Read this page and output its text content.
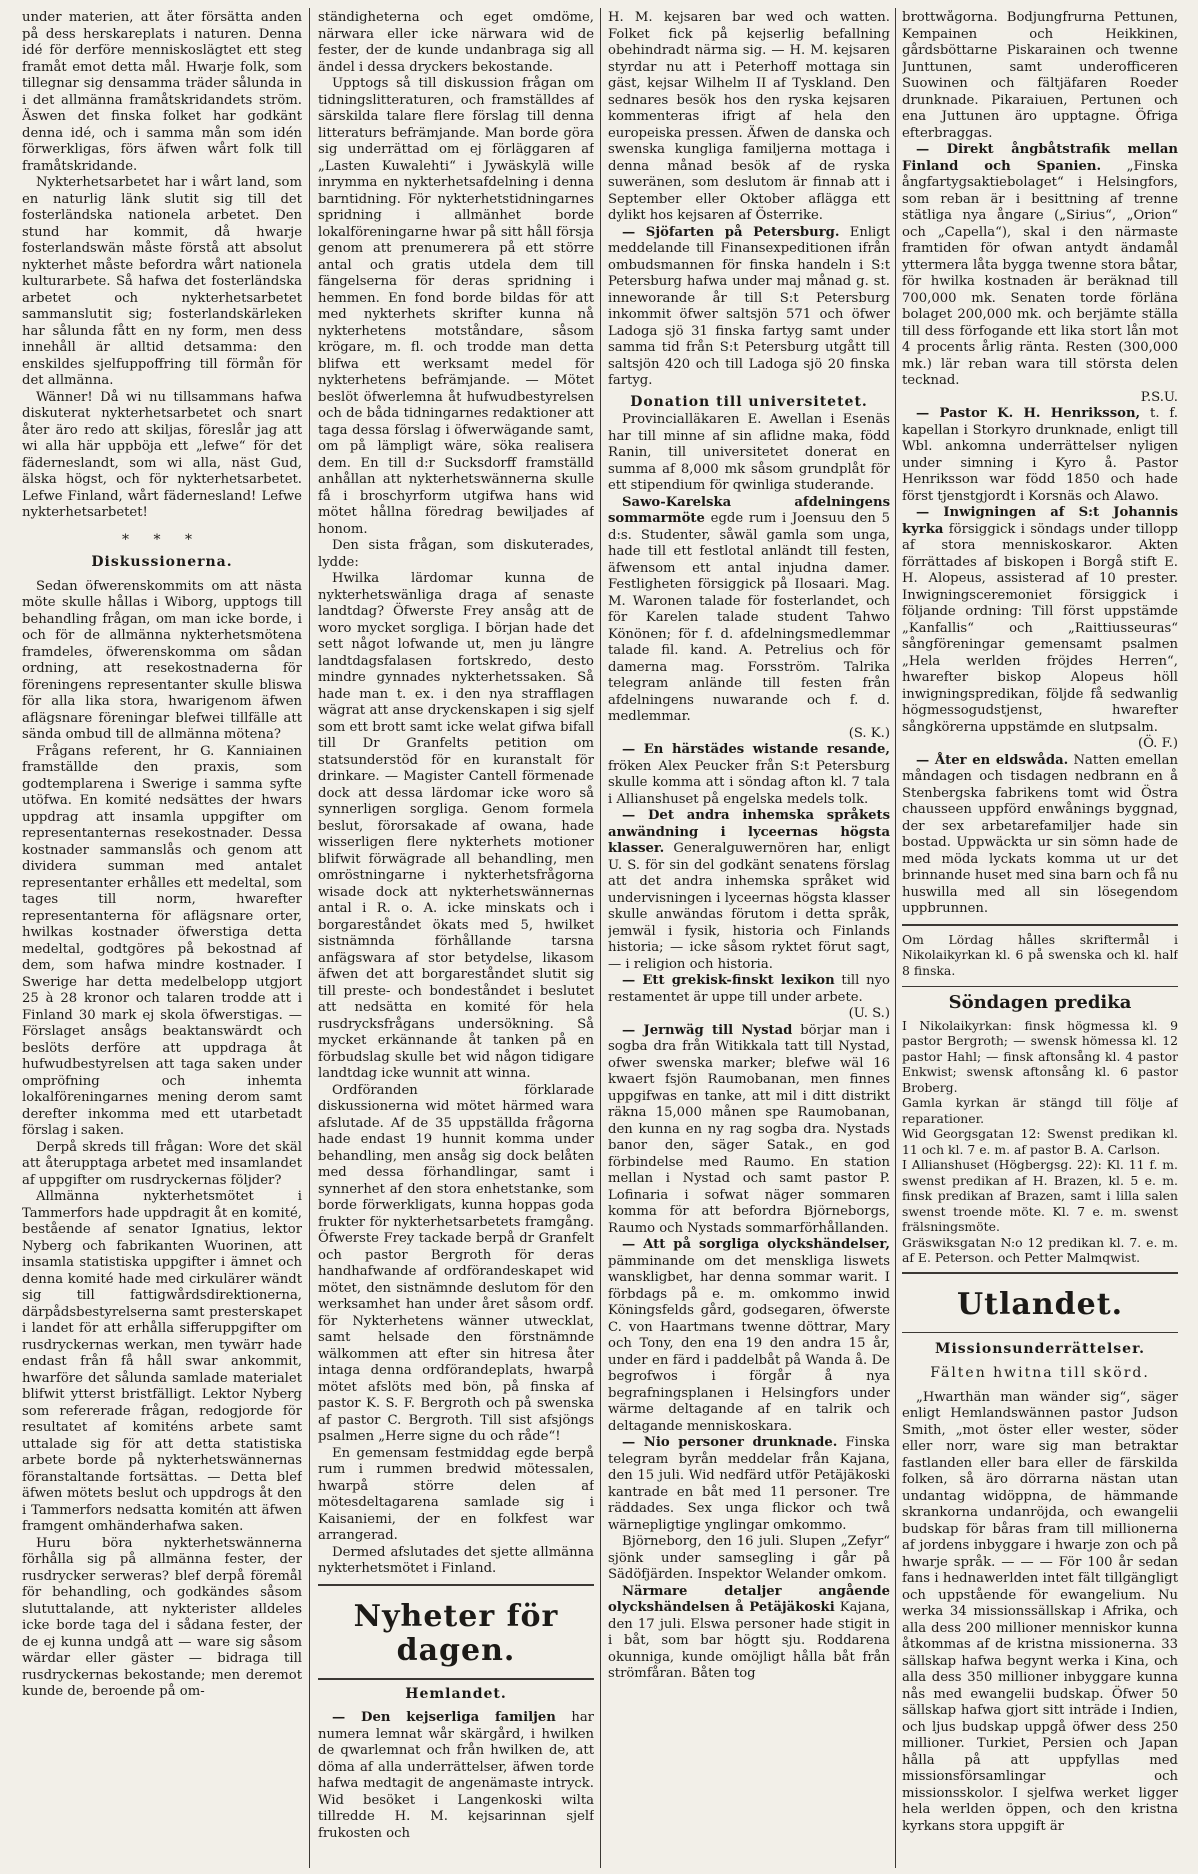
under materien, att åter försätta anden på dess herskareplats i naturen. Denna idé för derföre menniskoslägtet ett steg framåt emot detta mål. Hwarje folk, som tillegnar sig densamma träder sålunda in i det allmänna framåtskridandets ström. Äswen det finska folket har godkänt denna idé, och i samma mån som idén förwerkligas, förs äfwen wårt folk till framåtskridande.

Nykterhetsarbetet har i wårt land, som en naturlig länk slutit sig till det fosterländska nationela arbetet. Den stund har kommit, då hwarje fosterlandswän måste förstå att absolut nykterhet måste befordra wårt nationela kulturarbete. Så hafwa det fosterländska arbetet och nykterhetsarbetet sammanslutit sig; fosterlandskärleken har sålunda fått en ny form, men dess innehåll är alltid detsamma: den enskildes sjelfuppoffring till förmån för det allmänna.

Wänner! Då wi nu tillsammans hafwa diskuterat nykterhetsarbetet och snart åter äro redo att skiljas, föreslår jag att wi alla här uppböja ett „lefwe“ för det fäderneslandt, som wi alla, näst Gud, älska högst, och för nykterhetsarbetet. Lefwe Finland, wårt fädernesland! Lefwe nykterhetsarbetet!

* * *
Diskussionerna.

Sedan öfwerenskommits om att nästa möte skulle hållas i Wiborg, upptogs till behandling frågan, om man icke borde, i och för de allmänna nykterhetsmötena framdeles, öfwerenskomma om sådan ordning, att resekostnaderna för föreningens representanter skulle bliswa för alla lika stora, hwarigenom äfwen aflägsnare föreningar blefwei tillfälle att sända ombud till de allmänna mötena?

Frågans referent, hr G. Kanniainen framställde den praxis, som godtemplarena i Swerige i samma syfte utöfwa. En komité nedsättes der hwars uppdrag att insamla uppgifter om representanternas resekostnader. Dessa kostnader sammanslås och genom att dividera summan med antalet representanter erhålles ett medeltal, som tages till norm, hwarefter representanterna för aflägsnare orter, hwilkas kostnader öfwerstiga detta medeltal, godtgöres på bekostnad af dem, som hafwa mindre kostnader. I Swerige har detta medelbelopp utgjort 25 à 28 kronor och talaren trodde att i Finland 30 mark ej skola öfwerstigas. — Förslaget ansågs beaktanswärdt och beslöts derföre att uppdraga åt hufwudbestyrelsen att taga saken under ompröfning och inhemta lokalföreningarnes mening derom samt derefter inkomma med ett utarbetadt förslag i saken.

Derpå skreds till frågan: Wore det skäl att återupptaga arbetet med insamlandet af uppgifter om rusdryckernas följder?

Allmänna nykterhetsmötet i Tammerfors hade uppdragit åt en komité, bestående af senator Ignatius, lektor Nyberg och fabrikanten Wuorinen, att insamla statistiska uppgifter i ämnet och denna komité hade med cirkulärer wändt sig till fattigwårdsdirektionerna, därpådsbestyrelserna samt presterskapet i landet för att erhålla sifferuppgifter om rusdryckernas werkan, men tywärr hade endast från få håll swar ankommit, hwarföre det sålunda samlade materialet blifwit ytterst bristfälligt. Lektor Nyberg som refererade frågan, redogjorde för resultatet af komiténs arbete samt uttalade sig för att detta statistiska arbete borde på nykterhetswännernas föranstaltande fortsättas. — Detta blef äfwen mötets beslut och uppdrogs åt den i Tammerfors nedsatta komitén att äfwen framgent omhänderhafwa saken.

Huru böra nykterhetswännerna förhålla sig på allmänna fester, der rusdrycker serweras? blef derpå föremål för behandling, och godkändes såsom slututtalande, att nykterister alldeles icke borde taga del i sådana fester, der de ej kunna undgå att — ware sig såsom wärdar eller gäster — bidraga till rusdryckernas bekostande; men deremot kunde de, beroende på om-

ständigheterna och eget omdöme, närwara eller icke närwara wid de fester, der de kunde undanbraga sig all ändel i dessa dryckers bekostande.

Upptogs så till diskussion frågan om tidningslitteraturen, och framställdes af särskilda talare flere förslag till denna litteraturs befrämjande. Man borde göra sig underrättad om ej förläggaren af „Lasten Kuwalehti“ i Jywäskylä wille inrymma en nykterhetsafdelning i denna barntidning. För nykterhetstidningarnes spridning i allmänhet borde lokalföreningarne hwar på sitt håll försja genom att prenumerera på ett större antal och gratis utdela dem till fängelserna för deras spridning i hemmen. En fond borde bildas för att med nykterhets skrifter kunna nå nykterhetens motståndare, såsom krögare, m. fl. och trodde man detta blifwa ett werksamt medel för nykterhetens befrämjande. — Mötet beslöt öfwerlemna åt hufwudbestyrelsen och de båda tidningarnes redaktioner att taga dessa förslag i öfwerwägande samt, om på lämpligt wäre, söka realisera dem. En till d:r Sucksdorff framställd anhållan att nykterhetswännerna skulle få i broschyrform utgifwa hans wid mötet hållna föredrag bewiljades af honom.

Den sista frågan, som diskuterades, lydde:

Hwilka lärdomar kunna de nykterhetswänliga draga af senaste landtdag? Öfwerste Frey ansåg att de woro mycket sorgliga. I början hade det sett något lofwande ut, men ju längre landtdagsfalasen fortskredo, desto mindre gynnades nykterhetssaken. Så hade man t. ex. i den nya strafflagen wägrat att anse dryckenskapen i sig sjelf som ett brott samt icke welat gifwa bifall till Dr Granfelts petition om statsunderstöd för en kuranstalt för drinkare. — Magister Cantell förmenade dock att dessa lärdomar icke woro så synnerligen sorgliga. Genom formela beslut, förorsakade af owana, hade wisserligen flere nykterhets motioner blifwit förwägrade all behandling, men omröstningarne i nykterhetsfrågorna wisade dock att nykterhetswännernas antal i R. o. A. icke minskats och i borgareståndet ökats med 5, hwilket sistnämnda förhållande tarsna anfägswara af stor betydelse, likasom äfwen det att borgareståndet slutit sig till preste- och bondeståndet i beslutet att nedsätta en komité för hela rusdrycksfrågans undersökning. Så mycket erkännande åt tanken på en förbudslag skulle bet wid någon tidigare landtdag icke wunnit att winna.

Ordföranden förklarade diskussionerna wid mötet härmed wara afslutade. Af de 35 uppställda frågorna hade endast 19 hunnit komma under behandling, men ansåg sig dock belåten med dessa förhandlingar, samt i synnerhet af den stora enhetstanke, som borde förwerkligats, kunna hoppas goda frukter för nykterhetsarbetets framgång. Öfwerste Frey tackade berpå dr Granfelt och pastor Bergroth för deras handhafwande af ordförandeskapet wid mötet, den sistnämnde deslutom för den werksamhet han under året såsom ordf. för Nykterhetens wänner utwecklat, samt helsade den förstnämnde wälkommen att efter sin hitresa åter intaga denna ordförandeplats, hwarpå mötet afslöts med bön, på finska af pastor K. S. F. Bergroth och på swenska af pastor C. Bergroth. Till sist afsjöngs psalmen „Herre signe du och råde“!

En gemensam festmiddag egde berpå rum i rummen bredwid mötessalen, hwarpå större delen af mötesdeltagarena samlade sig i Kaisaniemi, der en folkfest war arrangerad.

Dermed afslutades det sjette allmänna nykterhetsmötet i Finland.

Nyheter för dagen.
Hemlandet.

— Den kejserliga familjen har numera lemnat wår skärgård, i hwilken de qwarlemnat och från hwilken de, att döma af alla underrättelser, äfwen torde hafwa medtagit de angenämaste intryck. Wid besöket i Langenkoski wilta tillredde H. M. kejsarinnan sjelf frukosten och

H. M. kejsaren bar wed och watten. Folket fick på kejserlig befallning obehindradt närma sig. — H. M. kejsaren styrdar nu att i Peterhoff mottaga sin gäst, kejsar Wilhelm II af Tyskland. Den sednares besök hos den ryska kejsaren kommenteras ifrigt af hela den europeiska pressen. Äfwen de danska och swenska kungliga familjerna mottaga i denna månad besök af de ryska suweränen, som deslutom är finnab att i September eller Oktober aflägga ett dylikt hos kejsaren af Österrike.

— Sjöfarten på Petersburg. Enligt meddelande till Finansexpeditionen ifrån ombudsmannen för finska handeln i S:t Petersburg hafwa under maj månad g. st. inneworande år till S:t Petersburg inkommit öfwer saltsjön 571 och öfwer Ladoga sjö 31 finska fartyg samt under samma tid från S:t Petersburg utgått till saltsjön 420 och till Ladoga sjö 20 finska fartyg.

Donation till universitetet.

Provincialläkaren E. Awellan i Esenäs har till minne af sin aflidne maka, född Ranin, till universitetet donerat en summa af 8,000 mk såsom grundplåt för ett stipendium för qwinliga studerande.

Sawo-Karelska afdelningens sommarmöte egde rum i Joensuu den 5 d:s. Studenter, såwäl gamla som unga, hade till ett festlotal anländt till festen, äfwensom ett antal injudna damer. Festligheten försiggick på Ilosaari. Mag. M. Waronen talade för fosterlandet, och för Karelen talade student Tahwo Könönen; för f. d. afdelningsmedlemmar talade fil. kand. A. Petrelius och för damerna mag. Forsström. Talrika telegram anlände till festen från afdelningens nuwarande och f. d. medlemmar.

(S. K.)

— En härstädes wistande resande, fröken Alex Peucker från S:t Petersburg skulle komma att i söndag afton kl. 7 tala i Allianshuset på engelska medels tolk.

— Det andra inhemska språkets anwändning i lyceernas högsta klasser. Generalguwernören har, enligt U. S. för sin del godkänt senatens förslag att det andra inhemska språket wid undervisningen i lyceernas högsta klasser skulle anwändas förutom i detta språk, jemwäl i fysik, historia och Finlands historia; — icke såsom ryktet förut sagt, — i religion och historia.

— Ett grekisk-finskt lexikon till nyo restamentet är uppe till under arbete.

(U. S.)

— Jernwäg till Nystad börjar man i sogba dra från Witikkala tatt till Nystad, ofwer swenska marker; blefwe wäl 16 kwaert fsjön Raumobanan, men finnes uppgifwas en tanke, att mil i ditt distrikt räkna 15,000 månen spe Raumobanan, den kunna en ny rag sogba dra. Nystads banor den, säger Satak., en god förbindelse med Raumo. En station mellan i Nystad och samt pastor P. Lofinaria i sofwat näger sommaren komma för att befordra Björneborgs, Raumo och Nystads sommarförhållanden.

— Att på sorgliga olyckshändelser, pämminande om det menskliga liswets wanskligbet, har denna sommar warit. I förbdags på e. m. omkommo inwid Köningsfelds gård, godsegaren, öfwerste C. von Haartmans twenne döttrar, Mary och Tony, den ena 19 den andra 15 år, under en färd i paddelbåt på Wanda å. De begrofwos i förgår å nya begrafningsplanen i Helsingfors under wärme deltagande af en talrik och deltagande menniskoskara.

— Nio personer drunknade. Finska telegram byrån meddelar från Kajana, den 15 juli. Wid nedfärd utför Petäjäkoski kantrade en båt med 11 personer. Tre räddades. Sex unga flickor och twå wärnepligtige ynglingar omkommo.

Björneborg, den 16 juli. Slupen „Zefyr“ sjönk under samsegling i går på Sädöfjärden. Inspektor Welander omkom.

Närmare detaljer angående olyckshändelsen å Petäjäkoski Kajana, den 17 juli. Elswa personer hade stigit in i båt, som bar högtt sju. Roddarena okunniga, kunde omöjligt hålla båt från strömfåran. Båten tog

brottwågorna. Bodjungfrurna Pettunen, Kempainen och Heikkinen, gårdsböttarne Piskarainen och twenne Junttunen, samt underofficeren Suowinen och fältjäfaren Roeder drunknade. Pikaraiuen, Pertunen och ena Juttunen äro upptagne. Öfriga efterbraggas.

— Direkt ångbåtstrafik mellan Finland och Spanien. „Finska ångfartygsaktiebolaget“ i Helsingfors, som reban är i besittning af trenne stätliga nya ångare („Sirius“, „Orion“ och „Capella“), skal i den närmaste framtiden för ofwan antydt ändamål yttermera låta bygga twenne stora båtar, för hwilka kostnaden är beräknad till 700,000 mk. Senaten torde förläna bolaget 200,000 mk. och berjämte ställa till dess förfogande ett lika stort lån mot 4 procents årlig ränta. Resten (300,000 mk.) lär reban wara till största delen tecknad.

P.S.U.

— Pastor K. H. Henriksson, t. f. kapellan i Storkyro drunknade, enligt till Wbl. ankomna underrättelser nyligen under simning i Kyro å. Pastor Henriksson war född 1850 och hade först tjenstgjordt i Korsnäs och Alawo.

— Inwigningen af S:t Johannis kyrka försiggick i söndags under tillopp af stora menniskoskaror. Akten förrättades af biskopen i Borgå stift E. H. Alopeus, assisterad af 10 prester. Inwigningsceremoniet försiggick i följande ordning: Till först uppstämde „Kanfallis“ och „Raittiusseuras“ sångföreningar gemensamt psalmen „Hela werlden fröjdes Herren“, hwarefter biskop Alopeus höll inwigningspredikan, följde få sedwanlig högmessogudstjenst, hwarefter sångkörerna uppstämde en slutpsalm.

(Ö. F.)

— Åter en eldswåda. Natten emellan måndagen och tisdagen nedbrann en å Stenbergska fabrikens tomt wid Östra chausseen uppförd enwånings byggnad, der sex arbetarefamiljer hade sin bostad. Uppwäckta ur sin sömn hade de med möda lyckats komma ut ur det brinnande huset med sina barn och få nu huswilla med all sin lösegendom uppbrunnen.

Om Lördag hålles skriftermål i Nikolaikyrkan kl. 6 på swenska och kl. half 8 finska.

Söndagen predika

I Nikolaikyrkan: finsk högmessa kl. 9 pastor Bergroth; — swensk hömessa kl. 12 pastor Hahl; — finsk aftonsång kl. 4 pastor Enkwist; swensk aftonsång kl. 6 pastor Broberg.

Gamla kyrkan är stängd till följe af reparationer.

Wid Georgsgatan 12: Swenst predikan kl. 11 och kl. 7 e. m. af pastor B. A. Carlson.

I Allianshuset (Högbergsg. 22): Kl. 11 f. m. swenst predikan af H. Brazen, kl. 5 e. m. finsk predikan af Brazen, samt i lilla salen swenst troende möte. Kl. 7 e. m. swenst frälsningsmöte.

Gräswiksgatan N:o 12 predikan kl. 7. e. m. af E. Peterson. och Petter Malmqwist.

Utlandet.
Missionsunderrättelser.
Fälten hwitna till skörd.

„Hwarthän man wänder sig“, säger enligt Hemlandswännen pastor Judson Smith, „mot öster eller wester, söder eller norr, ware sig man betraktar fastlanden eller bara eller de färskilda folken, så äro dörrarna nästan utan undantag widöppna, de hämmande skrankorna undanröjda, och ewangelii budskap för båras fram till millionerna af jordens inbyggare i hwarje zon och på hwarje språk. — — — För 100 år sedan fans i hednawerlden intet fält tillgängligt och uppstående för ewangelium. Nu werka 34 missionssällskap i Afrika, och alla dess 200 millioner menniskor kunna åtkommas af de kristna missionerna. 33 sällskap hafwa begynt werka i Kina, och alla dess 350 millioner inbyggare kunna nås med ewangelii budskap. Öfwer 50 sällskap hafwa gjort sitt inträde i Indien, och ljus budskap uppgå öfwer dess 250 millioner. Turkiet, Persien och Japan hålla på att uppfyllas med missionsförsamlingar och missionsskolor. I sjelfwa werket ligger hela werlden öppen, och den kristna kyrkans stora uppgift är
